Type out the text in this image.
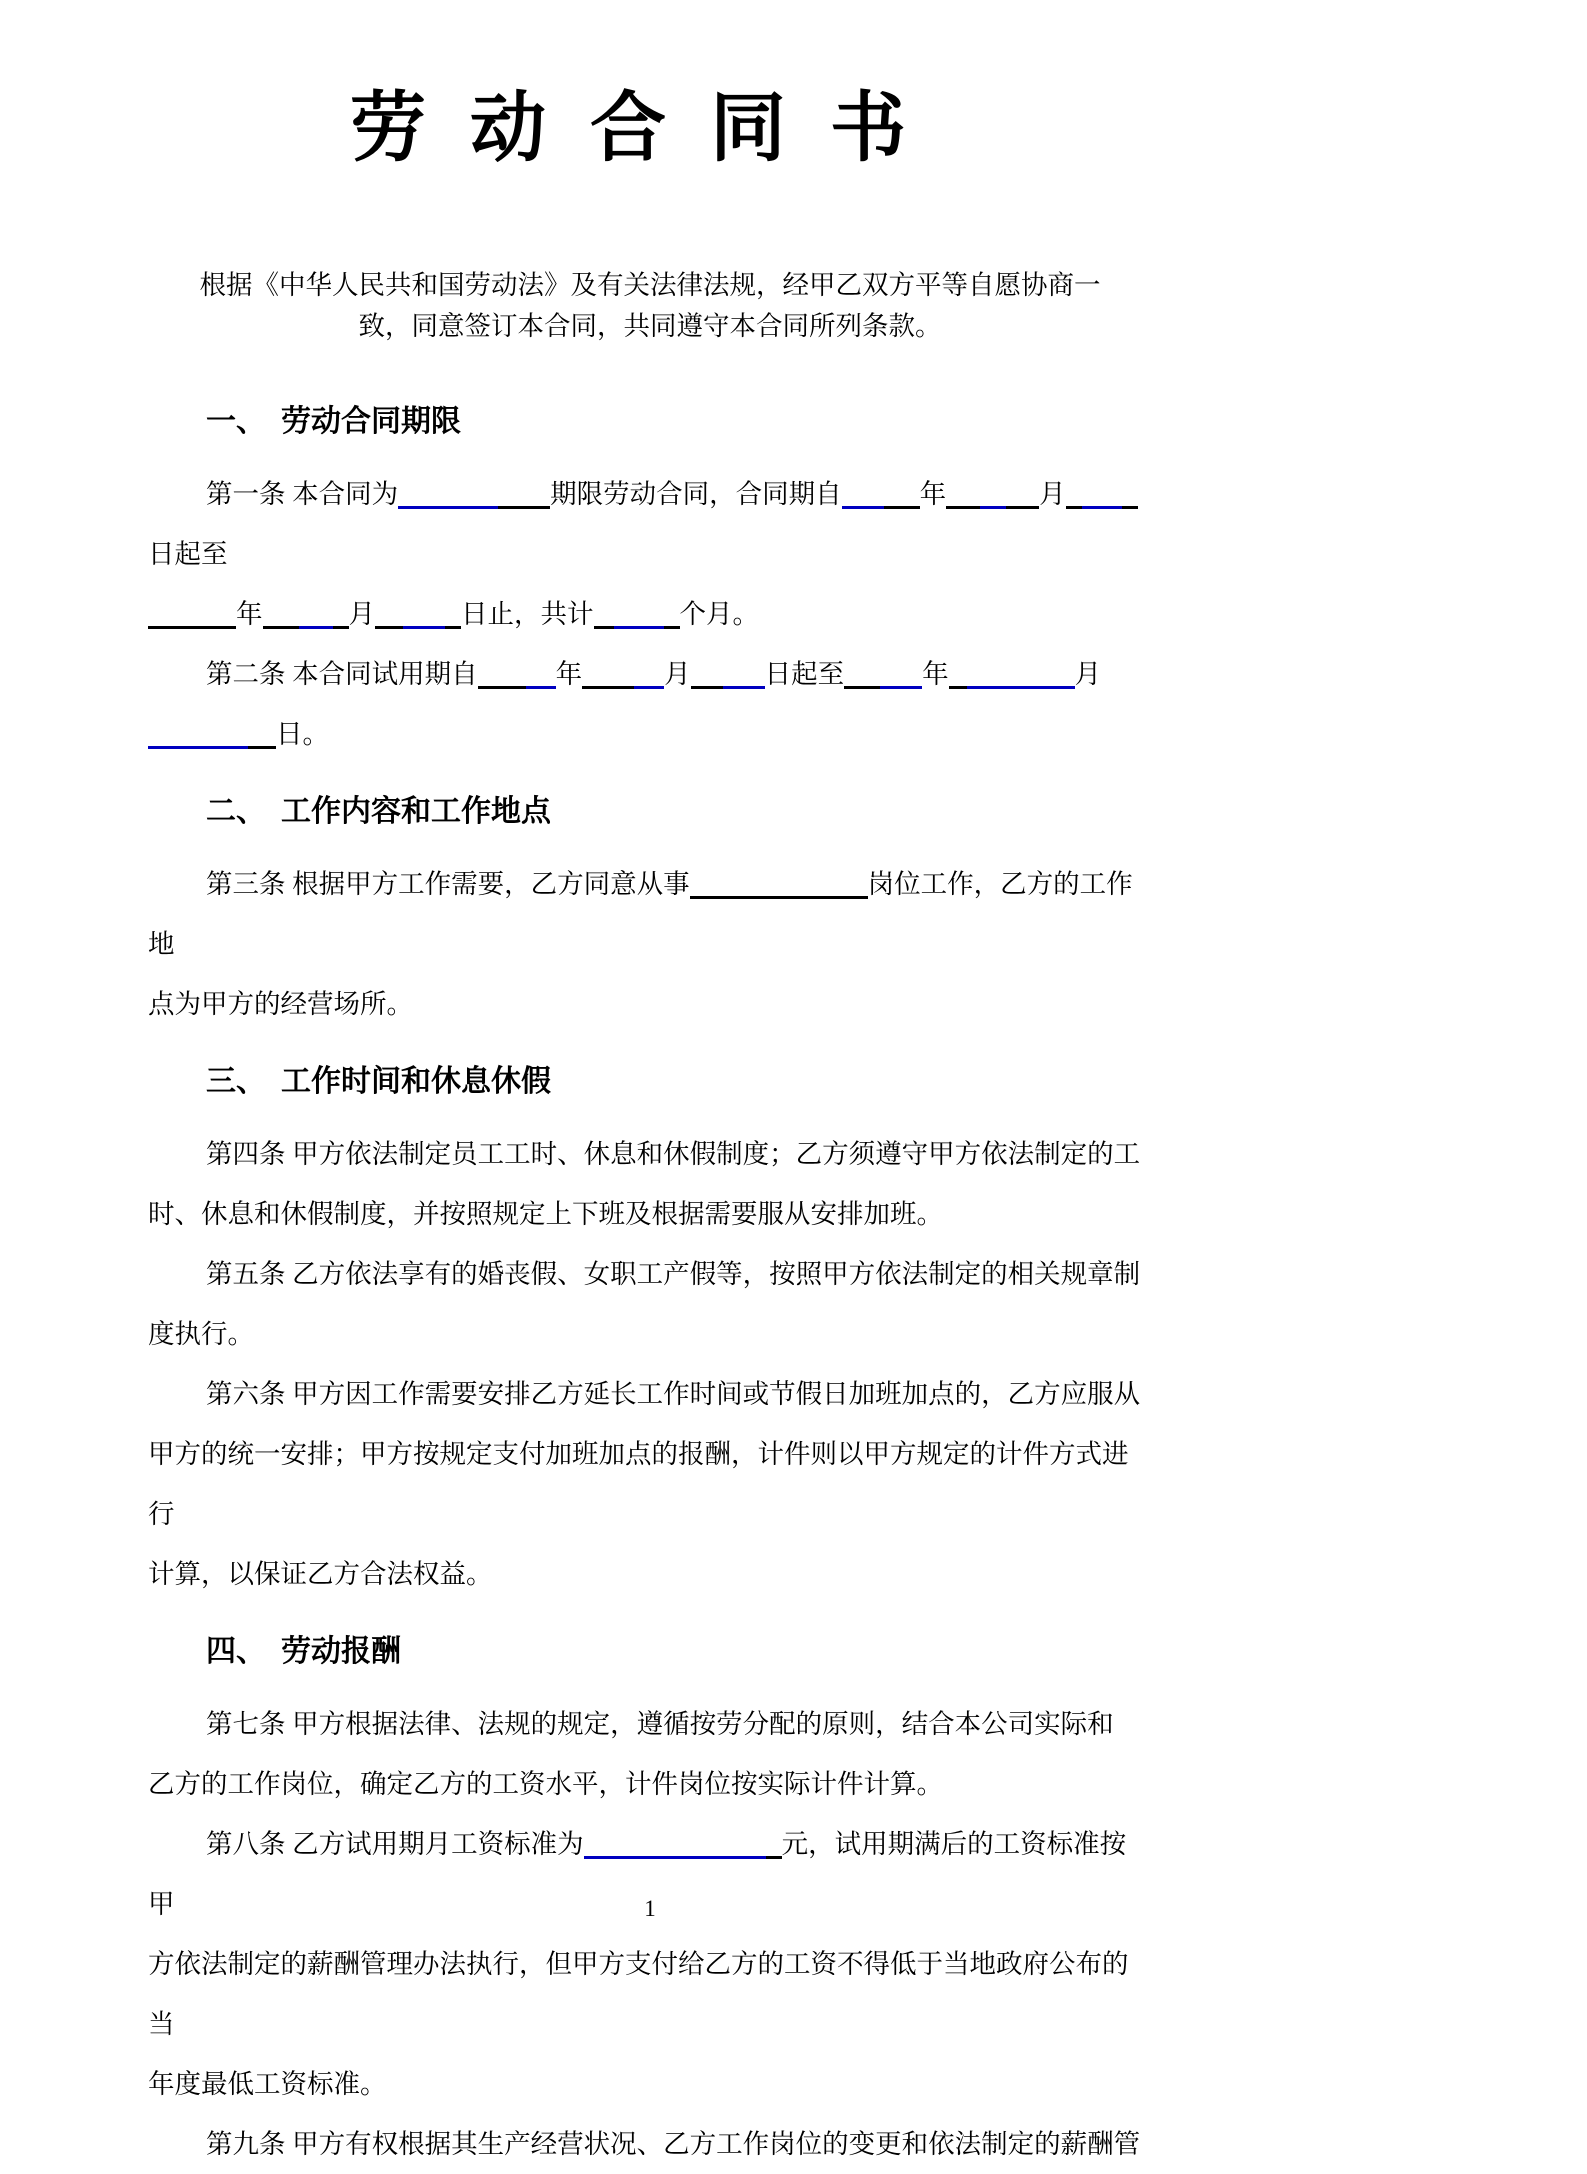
劳动合同书
根据《中华人民共和国劳动法》及有关法律法规，经甲乙双方平等自愿协商一
致，同意签订本合同，共同遵守本合同所列条款。
一、　劳动合同期限
第一条 本合同为	期限劳动合同，合同期自	年	月日起至
年	月	日止，共计	个月。
第二条 本合同试用期自	年	月	日起至	年	月日。
二、　工作内容和工作地点
第三条 根据甲方工作需要，乙方同意从事	岗位工作，乙方的工作地
点为甲方的经营场所。
三、　工作时间和休息休假
第四条 甲方依法制定员工工时、休息和休假制度；乙方须遵守甲方依法制定的工
时、休息和休假制度，并按照规定上下班及根据需要服从安排加班。
第五条 乙方依法享有的婚丧假、女职工产假等，按照甲方依法制定的相关规章制
度执行。
第六条 甲方因工作需要安排乙方延长工作时间或节假日加班加点的，乙方应服从
甲方的统一安排；甲方按规定支付加班加点的报酬，计件则以甲方规定的计件方式进行
计算，以保证乙方合法权益。
四、　劳动报酬
第七条 甲方根据法律、法规的规定，遵循按劳分配的原则，结合本公司实际和
乙方的工作岗位，确定乙方的工资水平，计件岗位按实际计件计算。
第八条 乙方试用期月工资标准为	元，试用期满后的工资标准按甲
方依法制定的薪酬管理办法执行，但甲方支付给乙方的工资不得低于当地政府公布的当
年度最低工资标准。
第九条 甲方有权根据其生产经营状况、乙方工作岗位的变更和依法制定的薪酬管
1
